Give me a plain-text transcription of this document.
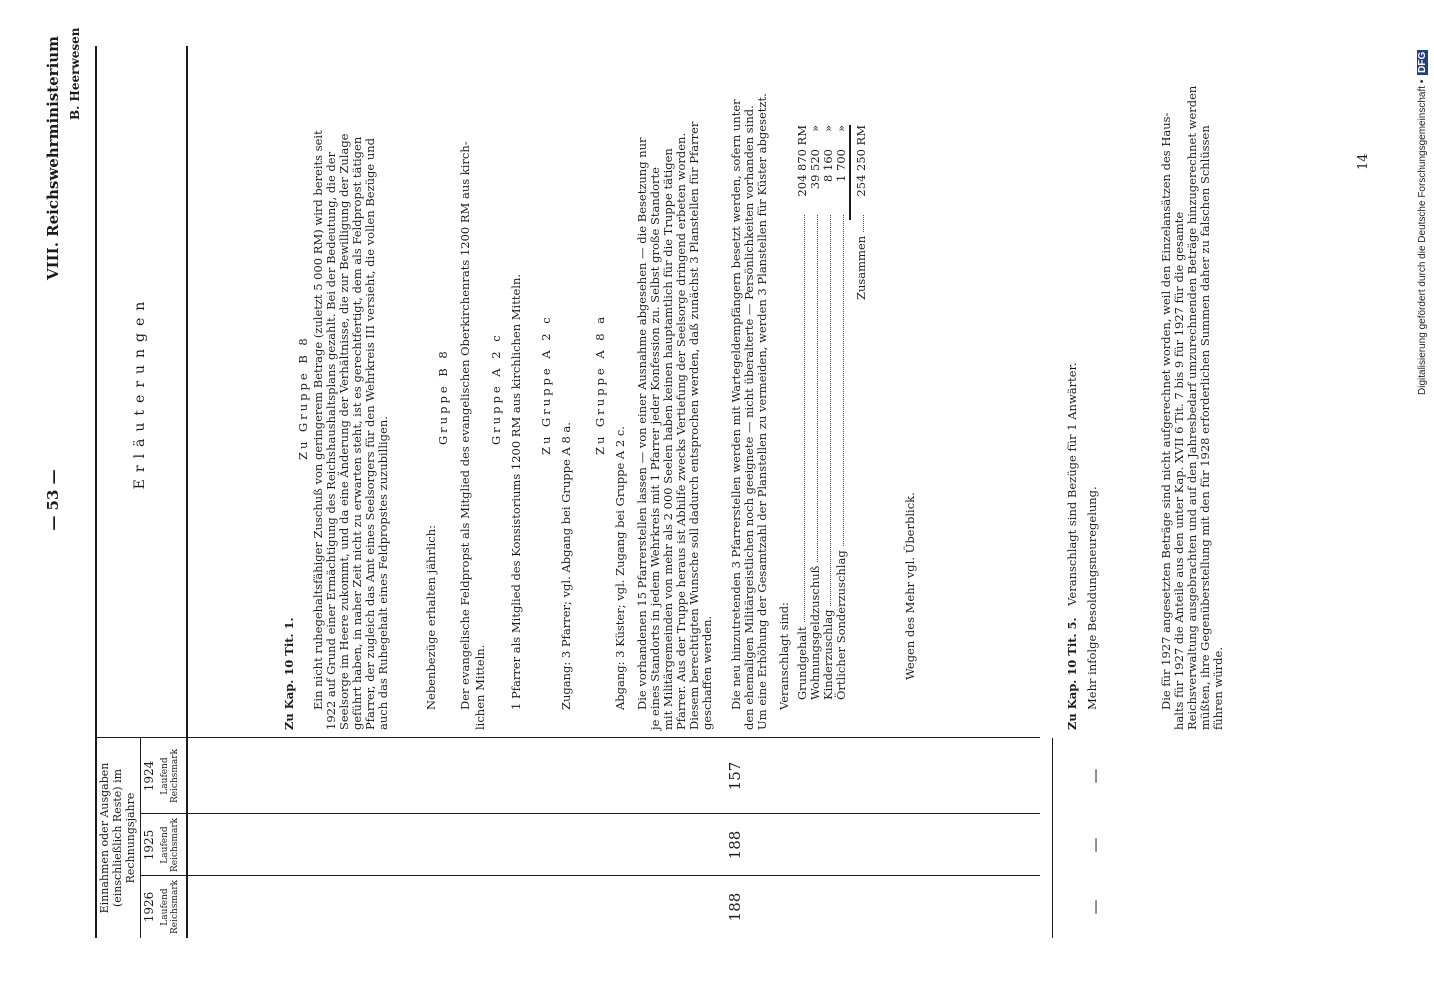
Digitalisierung gefördert durch die Deutsche Forschungsgemeinschaft • DFG
— 53 —
VIII. Reichswehrministerium B. Heerwesen
Einnahmen oder Ausgaben (einschließlich Reste) im Rechnungsjahre
1926
1925
1924
Laufend Reichsmark
Laufend Reichsmark
Laufend Reichsmark
Erläuterungen
188
188
157
—
—
—
Zu Kap. 10 Tit. 1. Ein nicht ruhegehaltsfähiger Zuschuß von geringerem Betrage (zuletzt 5 000 RM) wird bereits seit 1922 auf Grund einer Ermächtigung des Reichshaushaltsplans gezahlt. Bei der Bedeutung, die der Seelsorge im Heere zukommt, und da eine Änderung der Verhältnisse, die zur Bewilligung der Zulage geführt haben, in naher Zeit nicht zu erwarten steht, ist es gerechtfertigt, dem als Feldpropst tätigen Pfarrer, der zugleich das Amt eines Seelsorgers für den Wehrkreis III versieht, die vollen Bezüge und auch das Ruhegehalt eines Feldpropstes zuzubilligen.
Zu Gruppe B 8
Nebenbezüge erhalten jährlich:
Gruppe B 8 Der evangelische Feldpropst als Mitglied des evangelischen Oberkirchenrats 1200 RM aus kirch- lichen Mitteln.
Gruppe A 2 c 1 Pfarrer als Mitglied des Konsistoriums 1200 RM aus kirchlichen Mitteln. Zu Gruppe A 2 c
Zugang: 3 Pfarrer; vgl. Abgang bei Gruppe A 8 a.
Zu Gruppe A 8 a
Abgang: 3 Küster; vgl. Zugang bei Gruppe A 2 c. Die vorhandenen 15 Pfarrerstellen lassen — von einer Ausnahme abgesehen — die Besetzung nur je eines Standorts in jedem Wehrkreis mit 1 Pfarrer jeder Konfession zu. Selbst große Standorte mit Militärgemeinden von mehr als 2 000 Seelen haben keinen hauptamtlich für die Truppe tätigen Pfarrer. Aus der Truppe heraus ist Abhilfe zwecks Vertiefung der Seelsorge dringend erbeten worden. Diesem berechtigten Wunsche soll dadurch entsprochen werden, daß zunächst 3 Planstellen für Pfarrer geschaffen werden. Die neu hinzutretenden 3 Pfarrerstellen werden mit Wartegeldempfängern besetzt werden, sofern unter den ehemaligen Militärgeistlichen noch geeignete — nicht überalterte — Persönlichkeiten vorhanden sind. Um eine Erhöhung der Gesamtzahl der Planstellen zu vermeiden, werden 3 Planstellen für Küster abgesetzt. Veranschlagt sind: Grundgehalt
204 870
RM
Wohnungsgeldzuschuß
39 520
»
Kinderzuschlag
8 160
»
Örtlicher Sonderzuschlag
1 700
»
Zusammen
254 250
RM
Wegen des Mehr vgl. Überblick.	Zu Kap. 10 Tit. 5. Veranschlagt sind Bezüge für 1 Anwärter. Mehr infolge Besoldungsneuregelung.	Die für 1927 angesetzten Beträge sind nicht aufgerechnet worden, weil den Einzelansätzen des Haus- halts für 1927 die Anteile aus den unter Kap. XVII 6 Tit. 7 bis 9 für 1927 für die gesamte Reichsverwaltung ausgebrachten und auf den Jahresbedarf umzurechnenden Beträge hinzugerechnet werden müßten, ihre Gegenüberstellung mit den für 1928 erforderlichen Summen daher zu falschen Schlüssen führen würde.
14
